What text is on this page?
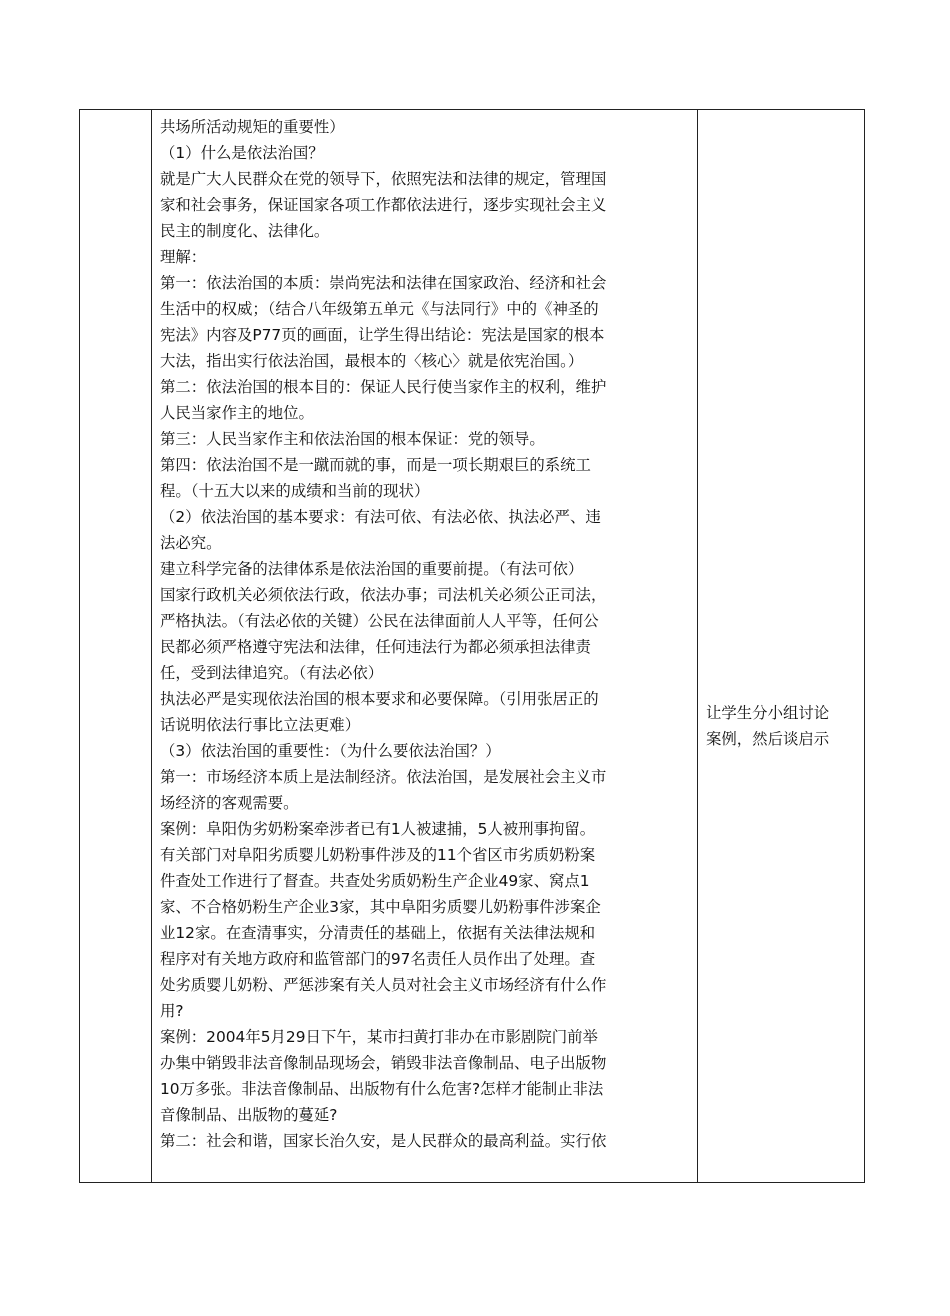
共场所活动规矩的重要性）

（1）什么是依法治国？

就是广大人民群众在党的领导下，依照宪法和法律的规定，管理国

家和社会事务，保证国家各项工作都依法进行，逐步实现社会主义

民主的制度化、法律化。

理解：

第一：依法治国的本质：崇尚宪法和法律在国家政治、经济和社会

生活中的权威；（结合八年级第五单元《与法同行》中的《神圣的

宪法》内容及P77页的画面，让学生得出结论：宪法是国家的根本

大法，指出实行依法治国，最根本的〈核心〉就是依宪治国。）

第二：依法治国的根本目的：保证人民行使当家作主的权利，维护

人民当家作主的地位。

第三：人民当家作主和依法治国的根本保证：党的领导。

第四：依法治国不是一蹴而就的事，而是一项长期艰巨的系统工

程。（十五大以来的成绩和当前的现状）

（2）依法治国的基本要求：有法可依、有法必依、执法必严、违

法必究。

建立科学完备的法律体系是依法治国的重要前提。（有法可依）

国家行政机关必须依法行政，依法办事；司法机关必须公正司法，

严格执法。（有法必依的关键）公民在法律面前人人平等，任何公

民都必须严格遵守宪法和法律，任何违法行为都必须承担法律责

任，受到法律追究。（有法必依）

执法必严是实现依法治国的根本要求和必要保障。（引用张居正的

话说明依法行事比立法更难）

（3）依法治国的重要性：（为什么要依法治国？）

第一：市场经济本质上是法制经济。依法治国，是发展社会主义市

场经济的客观需要。

案例：阜阳伪劣奶粉案牵涉者已有1人被逮捕，5人被刑事拘留。

有关部门对阜阳劣质婴儿奶粉事件涉及的11个省区市劣质奶粉案

件查处工作进行了督查。共查处劣质奶粉生产企业49家、窝点1

家、不合格奶粉生产企业3家，其中阜阳劣质婴儿奶粉事件涉案企

业12家。在查清事实，分清责任的基础上，依据有关法律法规和

程序对有关地方政府和监管部门的97名责任人员作出了处理。查

处劣质婴儿奶粉、严惩涉案有关人员对社会主义市场经济有什么作

用?

案例：2004年5月29日下午，某市扫黄打非办在市影剧院门前举

办集中销毁非法音像制品现场会，销毁非法音像制品、电子出版物

10万多张。非法音像制品、出版物有什么危害?怎样才能制止非法

音像制品、出版物的蔓延?

第二：社会和谐，国家长治久安，是人民群众的最高利益。实行依

让学生分小组讨论

案例，然后谈启示
